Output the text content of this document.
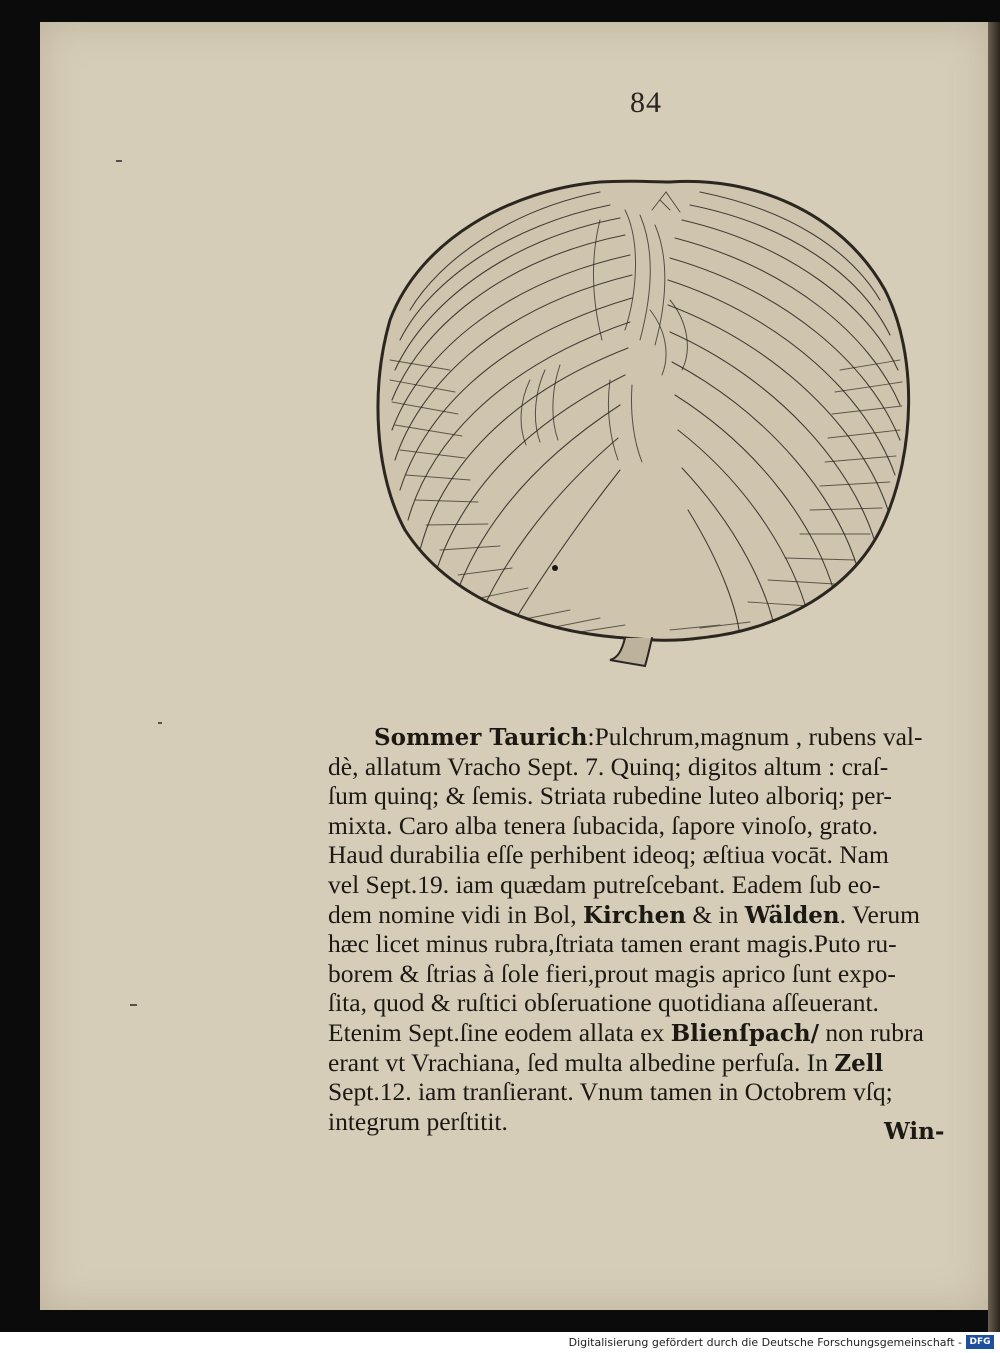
84
Sommer Taurich:Pulchrum,magnum , rubens val-
dè, allatum Vracho Sept. 7. Quinq; digitos altum : craſ-
ſum quinq; & ſemis. Striata rubedine luteo alboriq; per-
mixta. Caro alba tenera ſubacida, ſapore vinoſo, grato.
Haud durabilia eſſe perhibent ideoq; æſtiua vocāt. Nam
vel Sept.19. iam quædam putreſcebant. Eadem ſub eo-
dem nomine vidi in Bol, Kirchen & in Wälden. Verum
hæc licet minus rubra,ſtriata tamen erant magis.Puto ru-
borem & ſtrias à ſole fieri,prout magis aprico ſunt expo-
ſita, quod & ruſtici obſeruatione quotidiana aſſeuerant.
Etenim Sept.ſine eodem allata ex Blienſpach/ non rubra
erant vt Vrachiana, ſed multa albedine perfuſa. In Zell
Sept.12. iam tranſierant. Vnum tamen in Octobrem vſq;
integrum perſtitit.	Win-
Digitalisierung gefördert durch die Deutsche Forschungsgemeinschaft - DFG
